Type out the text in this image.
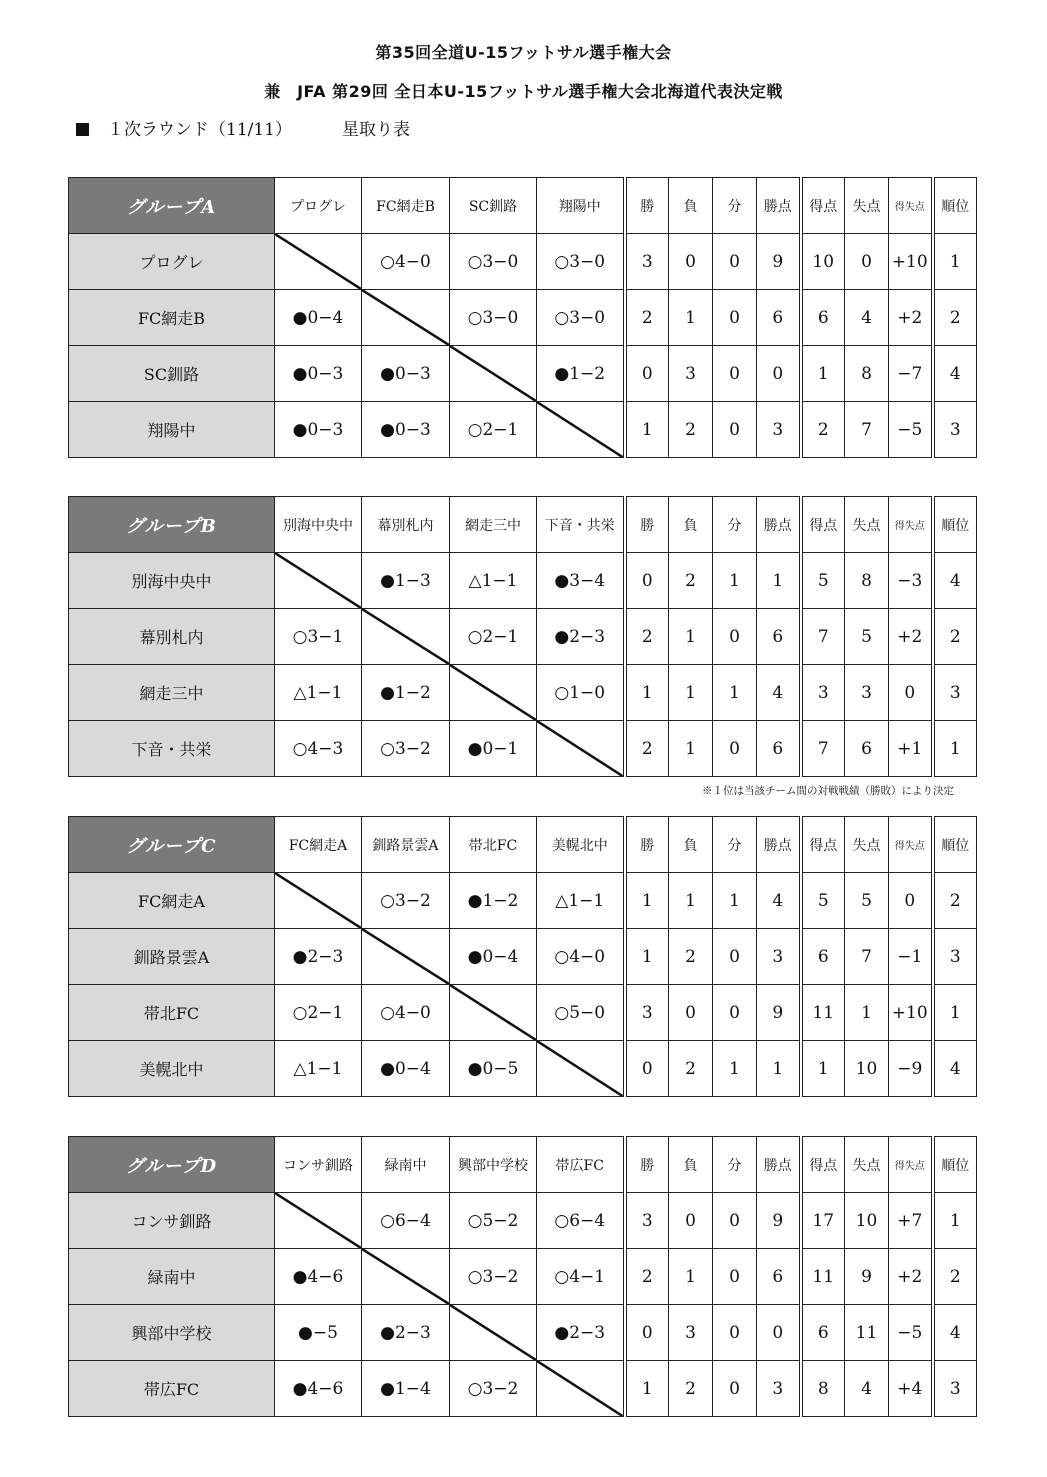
第35回全道U-15フットサル選手権大会
兼　JFA 第29回 全日本U-15フットサル選手権大会北海道代表決定戦
１次ラウンド（11/11）	星取り表
グループA	プログレ	FC網走B	SC釧路	翔陽中	勝	負	分	勝点	得点	失点	得失点	順位
プログレ		○4−0	○3−0	○3−0	3	0	0	9	10	0	+10	1
FC網走B	●0−4		○3−0	○3−0	2	1	0	6	6	4	+2	2
SC釧路	●0−3	●0−3		●1−2	0	3	0	0	1	8	−7	4
翔陽中	●0−3	●0−3	○2−1		1	2	0	3	2	7	−5	3
グループB	別海中央中	幕別札内	網走三中	下音・共栄	勝	負	分	勝点	得点	失点	得失点	順位
別海中央中		●1−3	△1−1	●3−4	0	2	1	1	5	8	−3	4
幕別札内	○3−1		○2−1	●2−3	2	1	0	6	7	5	+2	2
網走三中	△1−1	●1−2		○1−0	1	1	1	4	3	3	0	3
下音・共栄	○4−3	○3−2	●0−1		2	1	0	6	7	6	+1	1
グループC	FC網走A	釧路景雲A	帯北FC	美幌北中	勝	負	分	勝点	得点	失点	得失点	順位
FC網走A		○3−2	●1−2	△1−1	1	1	1	4	5	5	0	2
釧路景雲A	●2−3		●0−4	○4−0	1	2	0	3	6	7	−1	3
帯北FC	○2−1	○4−0		○5−0	3	0	0	9	11	1	+10	1
美幌北中	△1−1	●0−4	●0−5		0	2	1	1	1	10	−9	4
グループD	コンサ釧路	緑南中	興部中学校	帯広FC	勝	負	分	勝点	得点	失点	得失点	順位
コンサ釧路		○6−4	○5−2	○6−4	3	0	0	9	17	10	+7	1
緑南中	●4−6		○3−2	○4−1	2	1	0	6	11	9	+2	2
興部中学校	●−5	●2−3		●2−3	0	3	0	0	6	11	−5	4
帯広FC	●4−6	●1−4	○3−2		1	2	0	3	8	4	+4	3
※１位は当該チーム間の対戦戦績（勝敗）により決定
